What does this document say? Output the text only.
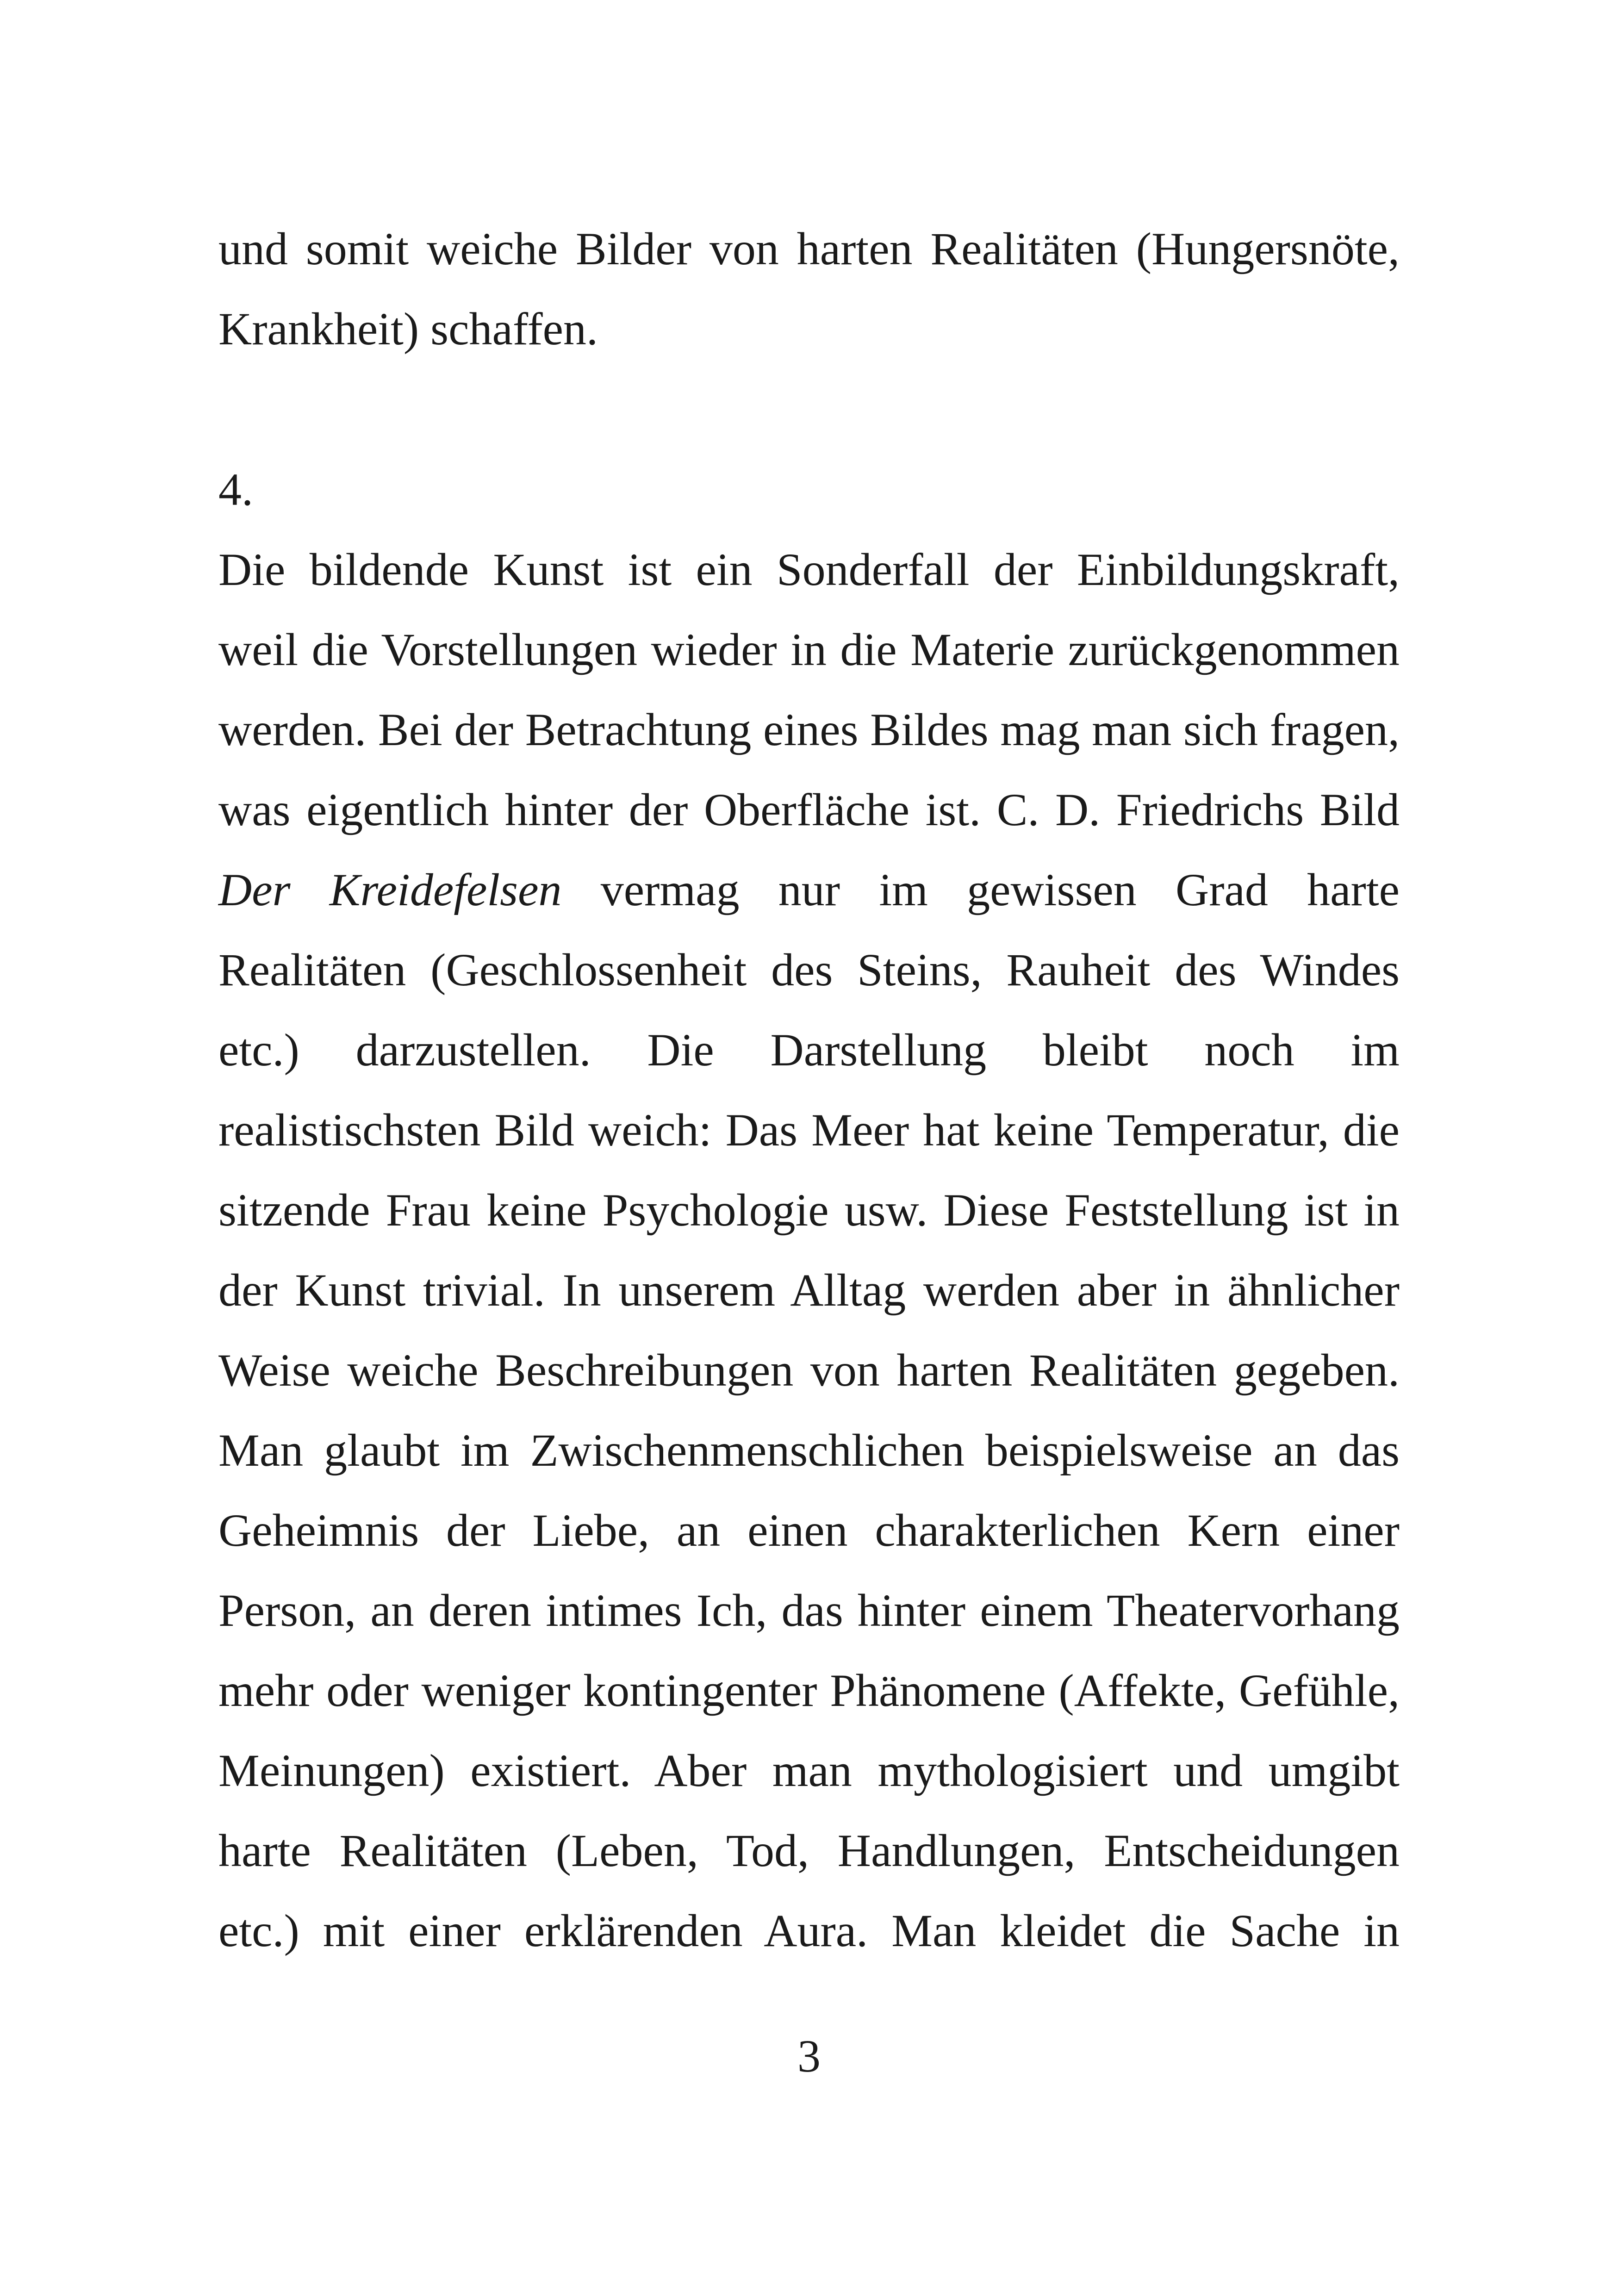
und somit weiche Bilder von harten Realitäten (Hungersnöte,
Krankheit) schaffen.
4.
Die bildende Kunst ist ein Sonderfall der Einbildungskraft,
weil die Vorstellungen wieder in die Materie zurückgenommen
werden. Bei der Betrachtung eines Bildes mag man sich fragen,
was eigentlich hinter der Oberfläche ist. C. D. Friedrichs Bild
Der Kreidefelsen vermag nur im gewissen Grad harte
Realitäten (Geschlossenheit des Steins, Rauheit des Windes
etc.) darzustellen. Die Darstellung bleibt noch im
realistischsten Bild weich: Das Meer hat keine Temperatur, die
sitzende Frau keine Psychologie usw. Diese Feststellung ist in
der Kunst trivial. In unserem Alltag werden aber in ähnlicher
Weise weiche Beschreibungen von harten Realitäten gegeben.
Man glaubt im Zwischenmenschlichen beispielsweise an das
Geheimnis der Liebe, an einen charakterlichen Kern einer
Person, an deren intimes Ich, das hinter einem Theatervorhang
mehr oder weniger kontingenter Phänomene (Affekte, Gefühle,
Meinungen) existiert. Aber man mythologisiert und umgibt
harte Realitäten (Leben, Tod, Handlungen, Entscheidungen
etc.) mit einer erklärenden Aura. Man kleidet die Sache in
3
